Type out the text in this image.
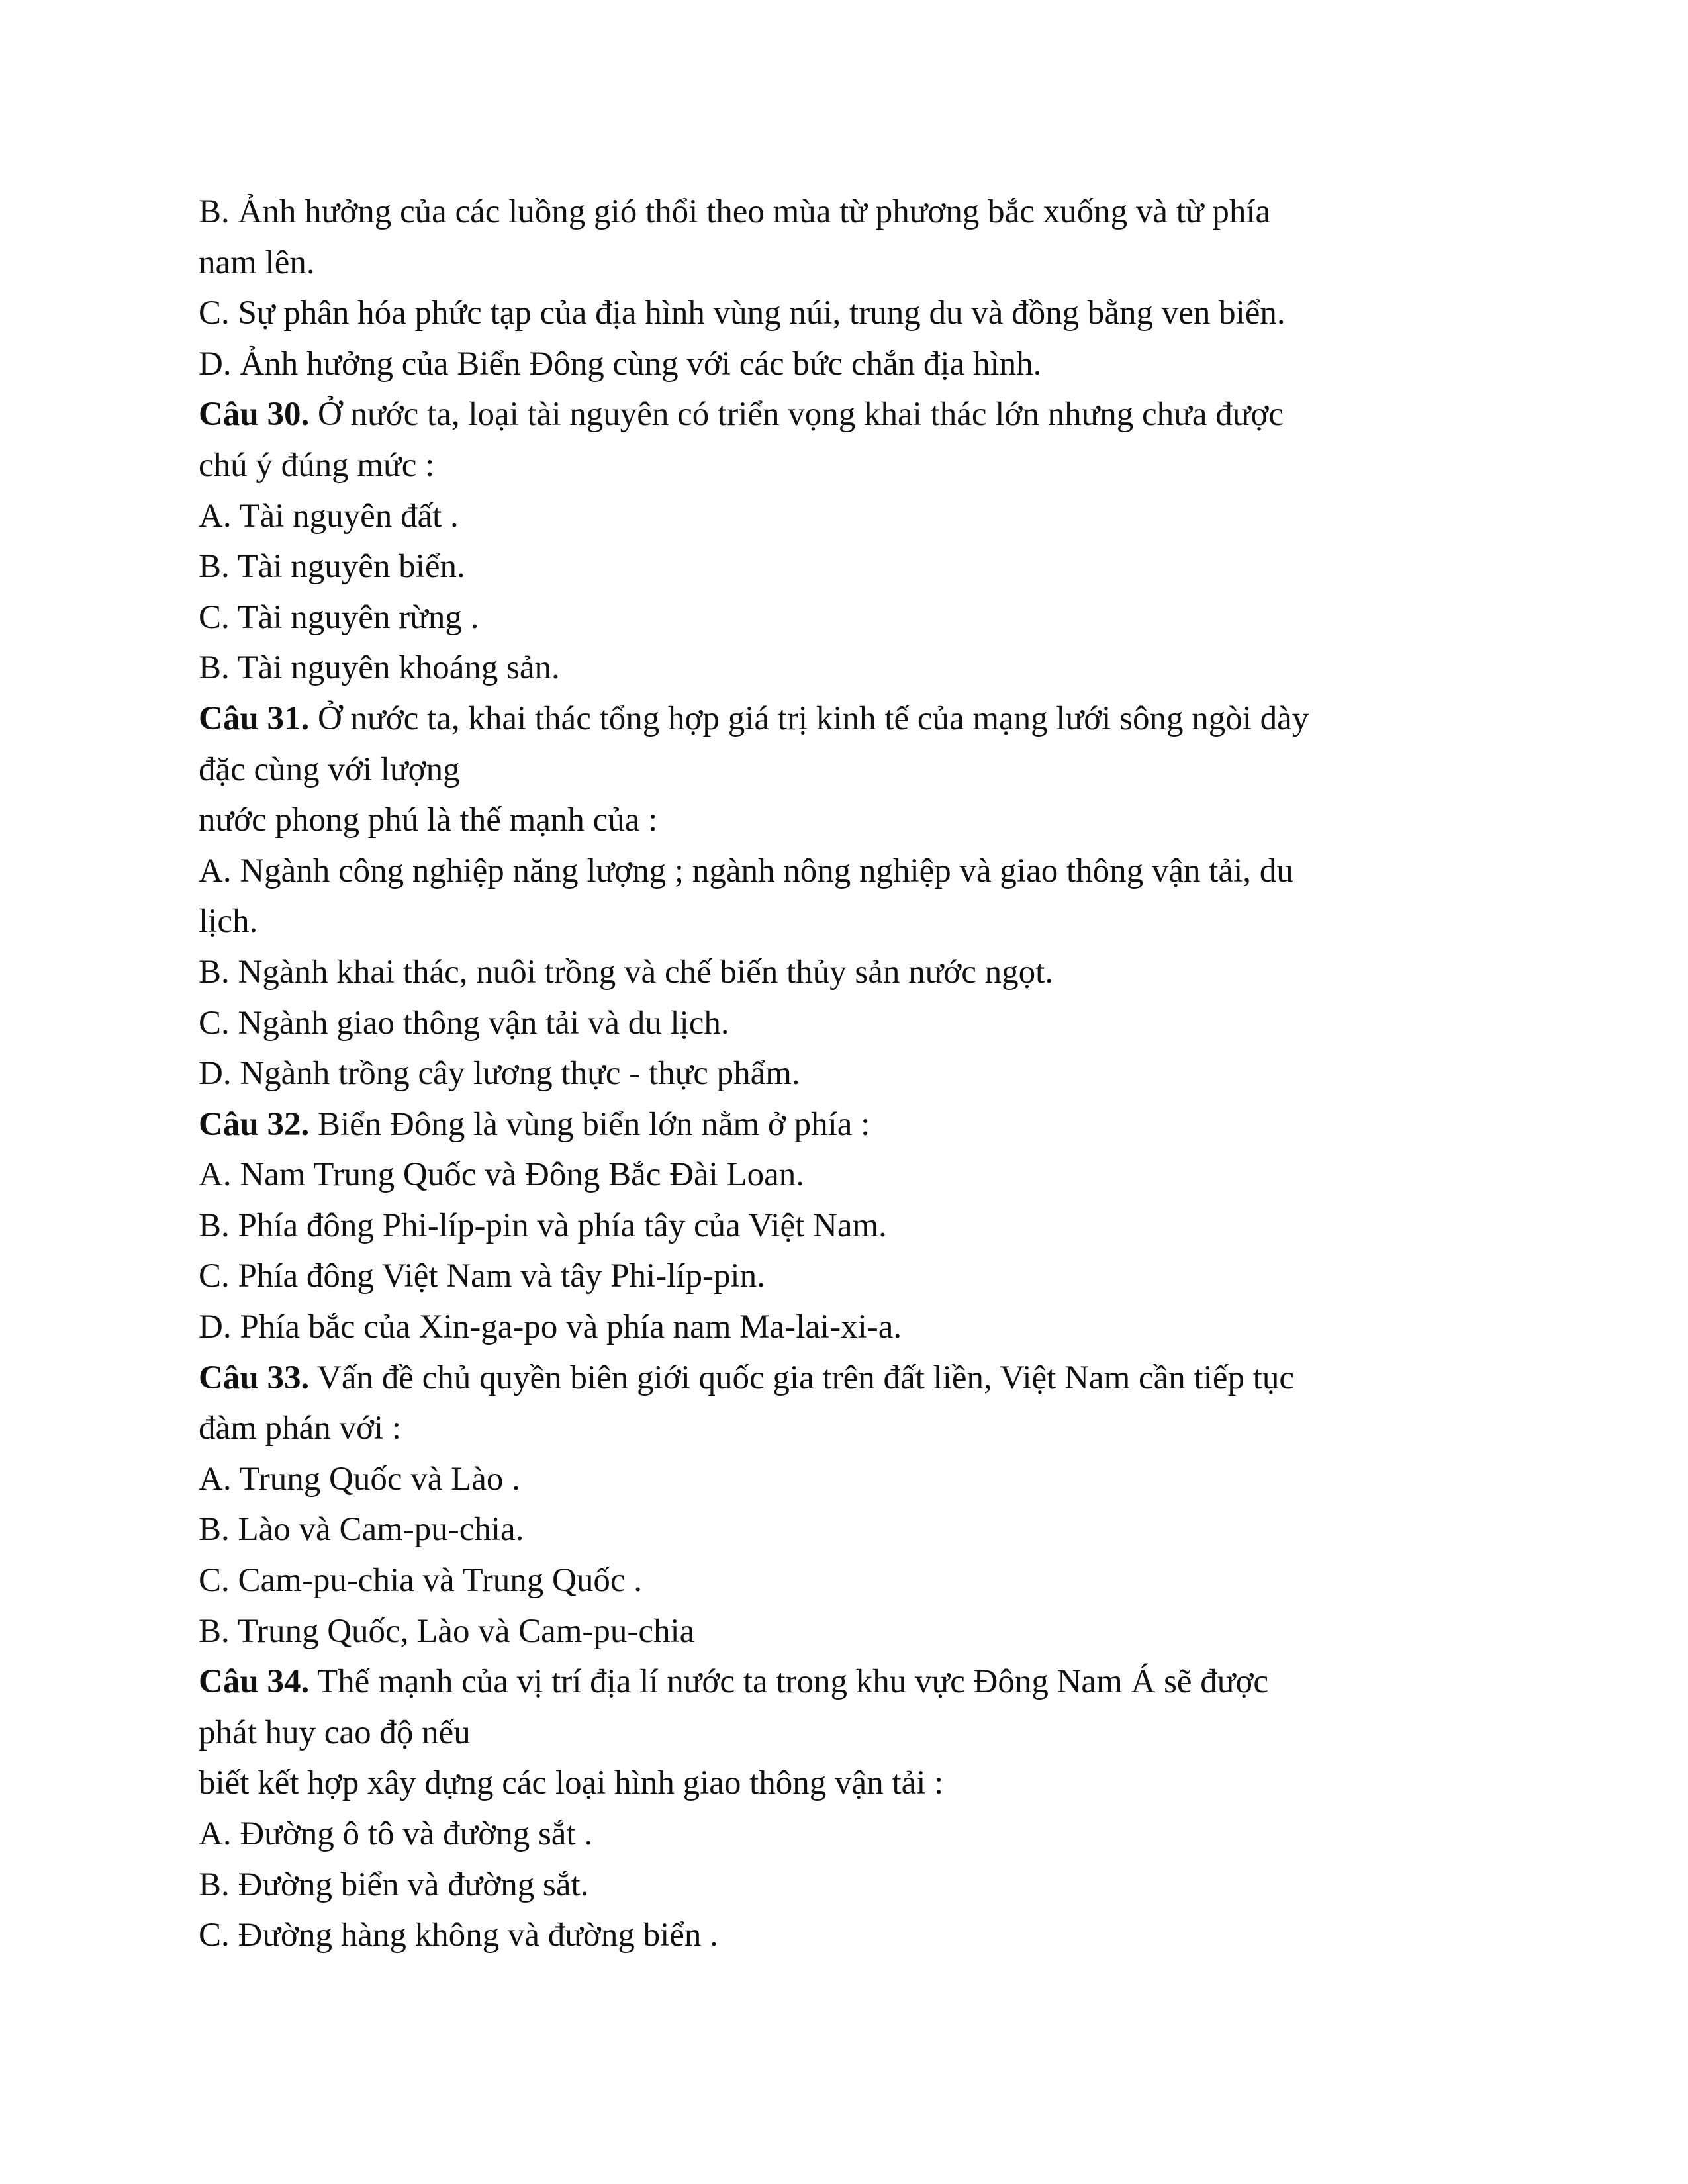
B. Ảnh hưởng của các luồng gió thổi theo mùa từ phương bắc xuống và từ phía
nam lên.
C. Sự phân hóa phức tạp của địa hình vùng núi, trung du và đồng bằng ven biển.
D. Ảnh hưởng của Biển Đông cùng với các bức chắn địa hình.
Câu 30. Ở nước ta, loại tài nguyên có triển vọng khai thác lớn nhưng chưa được
chú ý đúng mức :
A. Tài nguyên đất .
B. Tài nguyên biển.
C. Tài nguyên rừng .
B. Tài nguyên khoáng sản.
Câu 31. Ở nước ta, khai thác tổng hợp giá trị kinh tế của mạng lưới sông ngòi dày
đặc cùng với lượng
nước phong phú là thế mạnh của :
A. Ngành công nghiệp năng lượng ; ngành nông nghiệp và giao thông vận tải, du
lịch.
B. Ngành khai thác, nuôi trồng và chế biến thủy sản nước ngọt.
C. Ngành giao thông vận tải và du lịch.
D. Ngành trồng cây lương thực - thực phẩm.
Câu 32. Biển Đông là vùng biển lớn nằm ở phía :
A. Nam Trung Quốc và Đông Bắc Đài Loan.
B. Phía đông Phi-líp-pin và phía tây của Việt Nam.
C. Phía đông Việt Nam và tây Phi-líp-pin.
D. Phía bắc của Xin-ga-po và phía nam Ma-lai-xi-a.
Câu 33. Vấn đề chủ quyền biên giới quốc gia trên đất liền, Việt Nam cần tiếp tục
đàm phán với :
A. Trung Quốc và Lào .
B. Lào và Cam-pu-chia.
C. Cam-pu-chia và Trung Quốc .
B. Trung Quốc, Lào và Cam-pu-chia
Câu 34. Thế mạnh của vị trí địa lí nước ta trong khu vực Đông Nam Á sẽ được
phát huy cao độ nếu
biết kết hợp xây dựng các loại hình giao thông vận tải :
A. Đường ô tô và đường sắt .
B. Đường biển và đường sắt.
C. Đường hàng không và đường biển .
